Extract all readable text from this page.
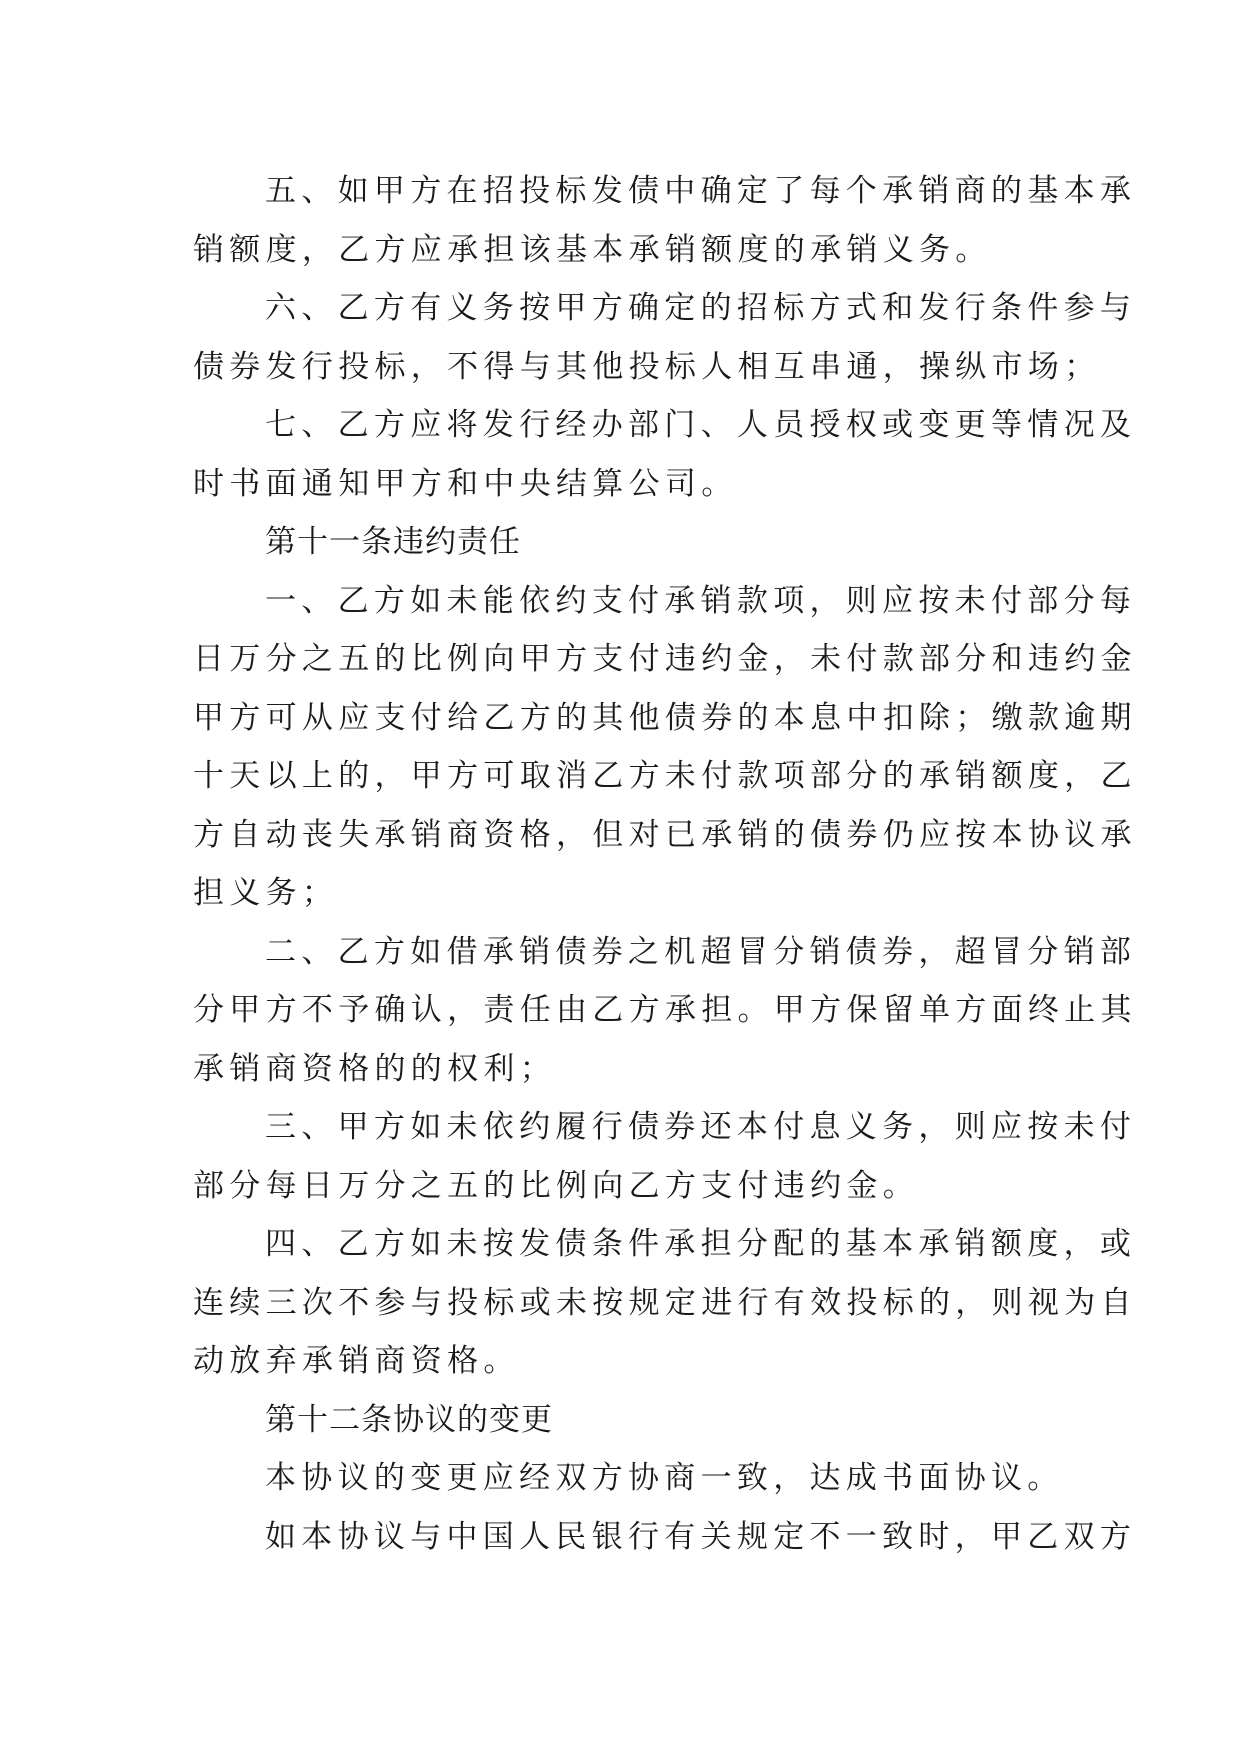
五、如甲方在招投标发债中确定了每个承销商的基本承
销额度，乙方应承担该基本承销额度的承销义务。

六、乙方有义务按甲方确定的招标方式和发行条件参与
债券发行投标，不得与其他投标人相互串通，操纵市场；

七、乙方应将发行经办部门、人员授权或变更等情况及
时书面通知甲方和中央结算公司。

第十一条违约责任

一、乙方如未能依约支付承销款项，则应按未付部分每
日万分之五的比例向甲方支付违约金，未付款部分和违约金
甲方可从应支付给乙方的其他债券的本息中扣除；缴款逾期
十天以上的，甲方可取消乙方未付款项部分的承销额度，乙
方自动丧失承销商资格，但对已承销的债券仍应按本协议承
担义务；

二、乙方如借承销债券之机超冒分销债券，超冒分销部
分甲方不予确认，责任由乙方承担。甲方保留单方面终止其
承销商资格的的权利；

三、甲方如未依约履行债券还本付息义务，则应按未付
部分每日万分之五的比例向乙方支付违约金。

四、乙方如未按发债条件承担分配的基本承销额度，或
连续三次不参与投标或未按规定进行有效投标的，则视为自
动放弃承销商资格。

第十二条协议的变更

本协议的变更应经双方协商一致，达成书面协议。

如本协议与中国人民银行有关规定不一致时，甲乙双方
